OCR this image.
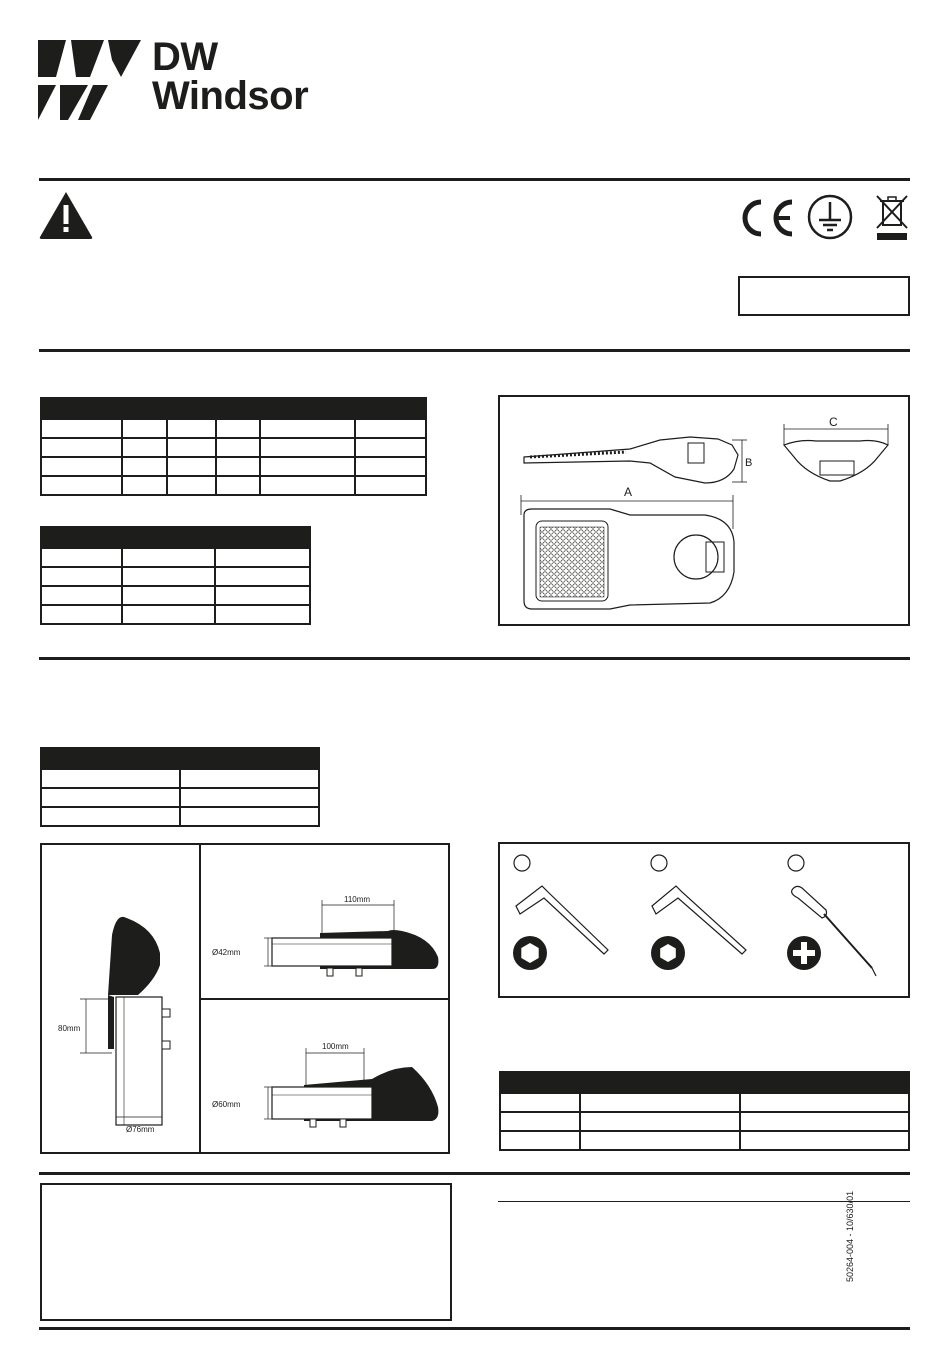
DW
Windsor

B
C
A

80mm
Ø76mm
110mm
Ø42mm
100mm
Ø60mm

50264-004 - 10/630/01
